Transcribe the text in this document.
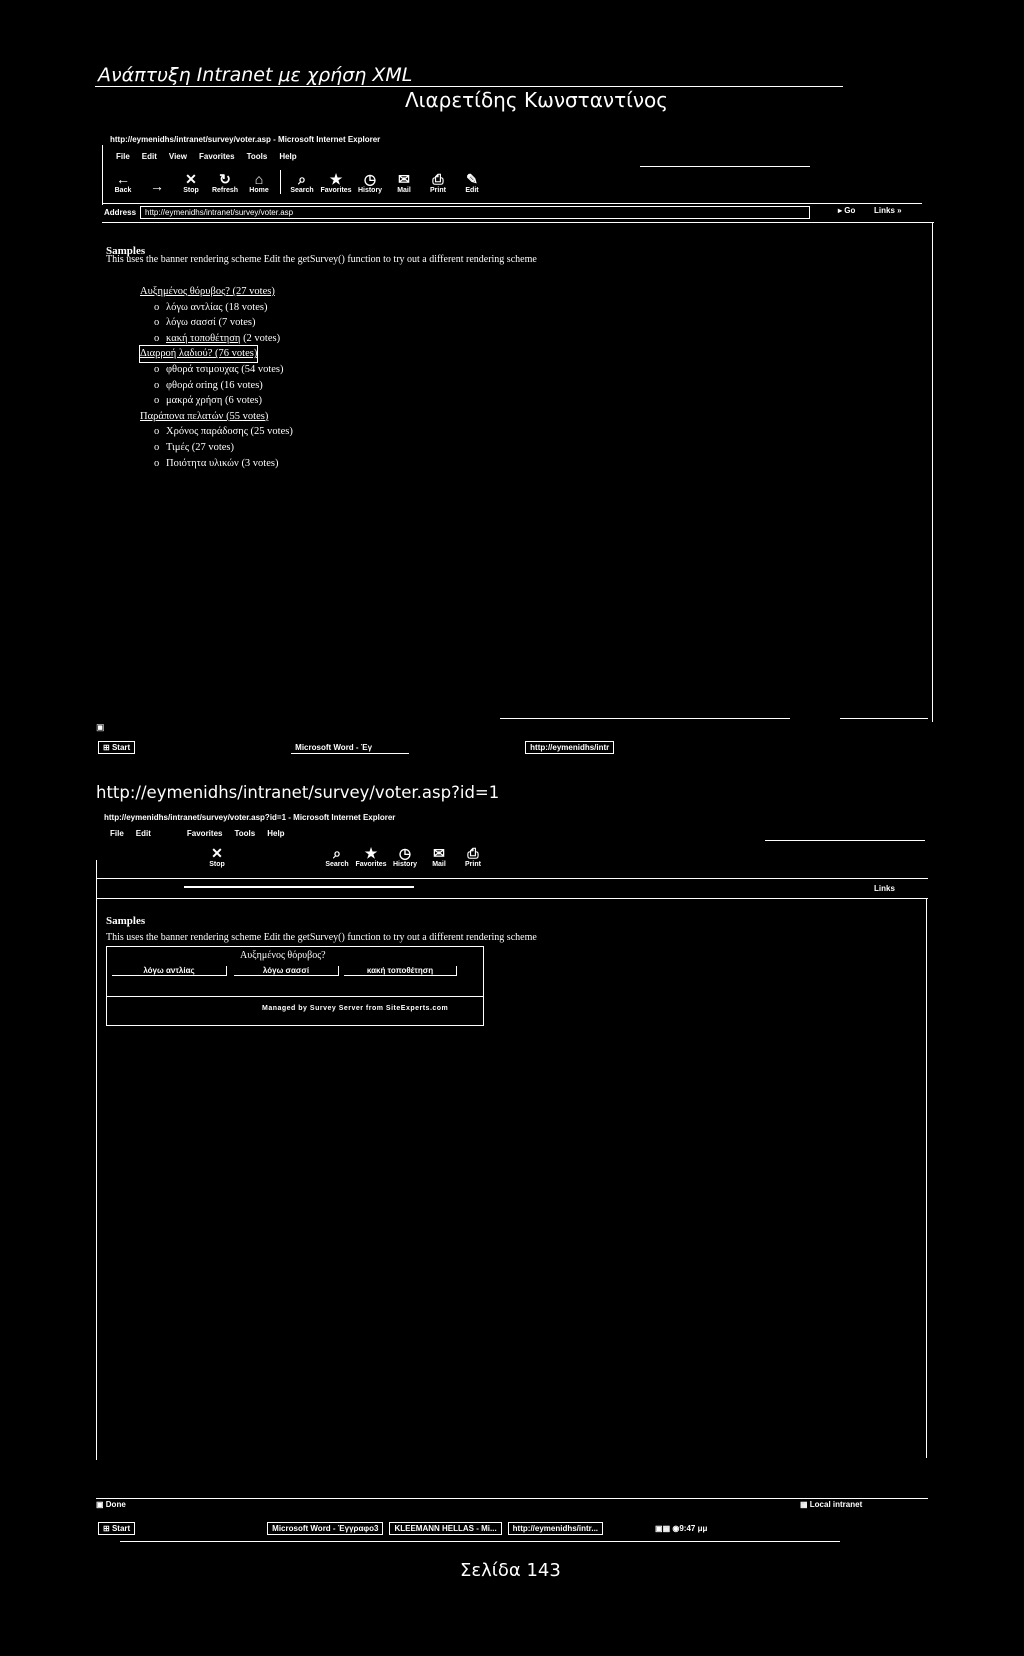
Ανάπτυξη Intranet με χρήση XML
Λιαρετίδης Κωνσταντίνος
http://eymenidhs/intranet/survey/voter.asp - Microsoft Internet Explorer
File Edit View Favorites Tools Help
←
Back → ✕
Stop
↻
Refresh
⌂
Home
⌕
Search
★
Favorites
◷
History
✉
Mail
⎙
Print
✎
Edit
Address	http://eymenidhs/intranet/survey/voter.asp	▸ Go Links »
Samples
This uses the banner rendering scheme Edit the getSurvey() function to try out a different rendering scheme
Αυξημένος θόρυβος? (27 votes)
o λόγω αντλίας (18 votes)
o λόγω σασσί (7 votes)
o κακή τοποθέτηση (2 votes)
Διαρροή λαδιού? (76 votes)
o φθορά τσιμουχας (54 votes)
o φθορά οring (16 votes)
o μακρά χρήση (6 votes)
Παράπονα πελατών (55 votes)
o Χρόνος παράδοσης (25 votes)
o Τιμές (27 votes)
o Ποιότητα υλικών (3 votes)
▣
⊞ Start	Microsoft Word - Έγ	http://eymenidhs/intr
http://eymenidhs/intranet/survey/voter.asp?id=1
http://eymenidhs/intranet/survey/voter.asp?id=1 - Microsoft Internet Explorer
File Edit	Favorites Tools Help
✕
Stop
⌕
Search
★
Favorites
◷
History
✉
Mail
⎙
Print
Links
Samples
This uses the banner rendering scheme Edit the getSurvey() function to try out a different rendering scheme
Αυξημένος θόρυβος?
λόγω αντλίας	λόγω σασσί	κακή τοποθέτηση
Managed by Survey Server from SiteExperts.com
▣ Done	▦ Local intranet
⊞ Start	Microsoft Word - Έγγραφο3	KLEEMANN HELLAS - Mi...	http://eymenidhs/intr...	▣▦ ◉ 9:47 μμ
Σελίδα 143
